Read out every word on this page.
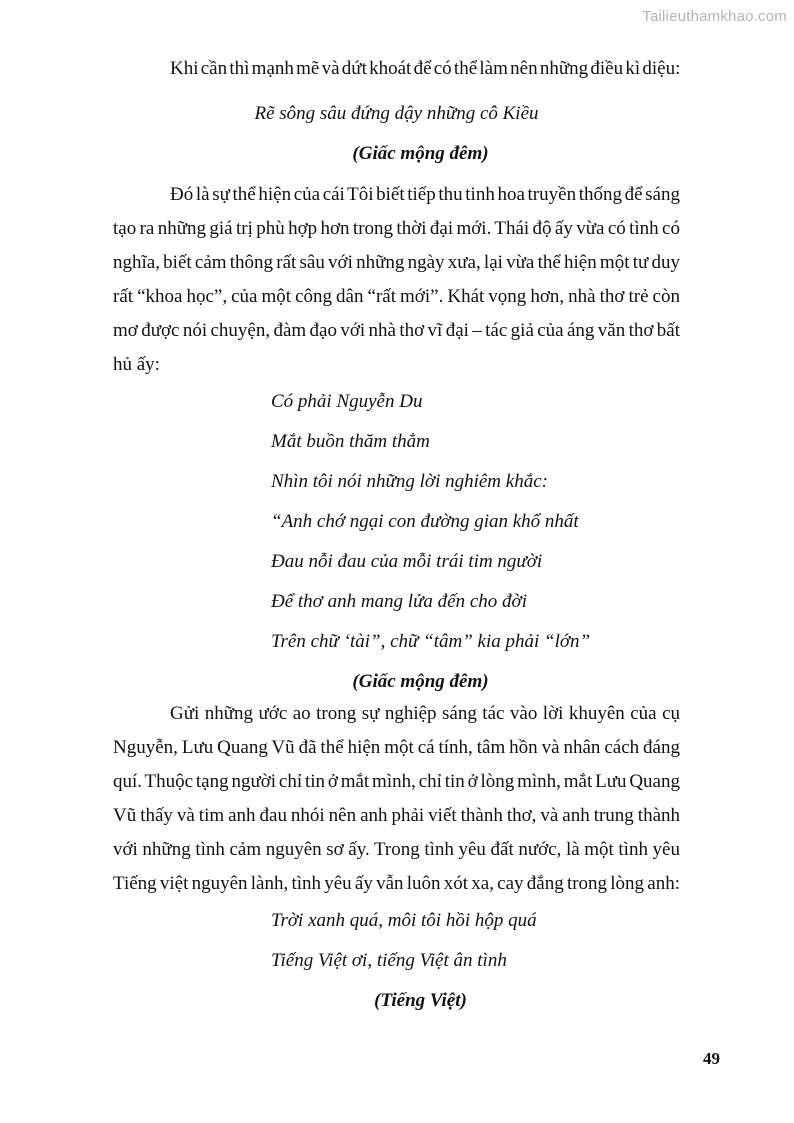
Tailieuthamkhao.com
Khi cần thì mạnh mẽ và dứt khoát để có thể làm nên những điều kì diệu:
Rẽ sông sâu đứng dậy những cô Kiều
(Giấc mộng đêm)
Đó là sự thể hiện của cái Tôi biết tiếp thu tinh hoa truyền thống để sáng
tạo ra những giá trị phù hợp hơn trong thời đại mới. Thái độ ấy vừa có tình có
nghĩa, biết cảm thông rất sâu với những ngày xưa, lại vừa thể hiện một tư duy
rất “khoa học”, của một công dân “rất mới”. Khát vọng hơn, nhà thơ trẻ còn
mơ được nói chuyện, đàm đạo với nhà thơ vĩ đại – tác giả của áng văn thơ bất
hủ ấy:
Có phải Nguyễn Du
Mắt buồn thăm thẳm
Nhìn tôi nói những lời nghiêm khắc:
“Anh chớ ngại con đường gian khổ nhất
Đau nỗi đau của mỗi trái tim người
Để thơ anh mang lửa đến cho đời
Trên chữ ‘tài”, chữ “tâm” kia phải “lớn”
(Giấc mộng đêm)
Gửi những ước ao trong sự nghiệp sáng tác vào lời khuyên của cụ
Nguyễn, Lưu Quang Vũ đã thể hiện một cá tính, tâm hồn và nhân cách đáng
quí. Thuộc tạng người chỉ tin ở mắt mình, chỉ tin ở lòng mình, mắt Lưu Quang
Vũ thấy và tim anh đau nhói nên anh phải viết thành thơ, và anh trung thành
với những tình cảm nguyên sơ ấy. Trong tình yêu đất nước, là một tình yêu
Tiếng việt nguyên lành, tình yêu ấy vẫn luôn xót xa, cay đắng trong lòng anh:
Trời xanh quá, môi tôi hồi hộp quá
Tiếng Việt ơi, tiếng Việt ân tình
(Tiếng Việt)
49
